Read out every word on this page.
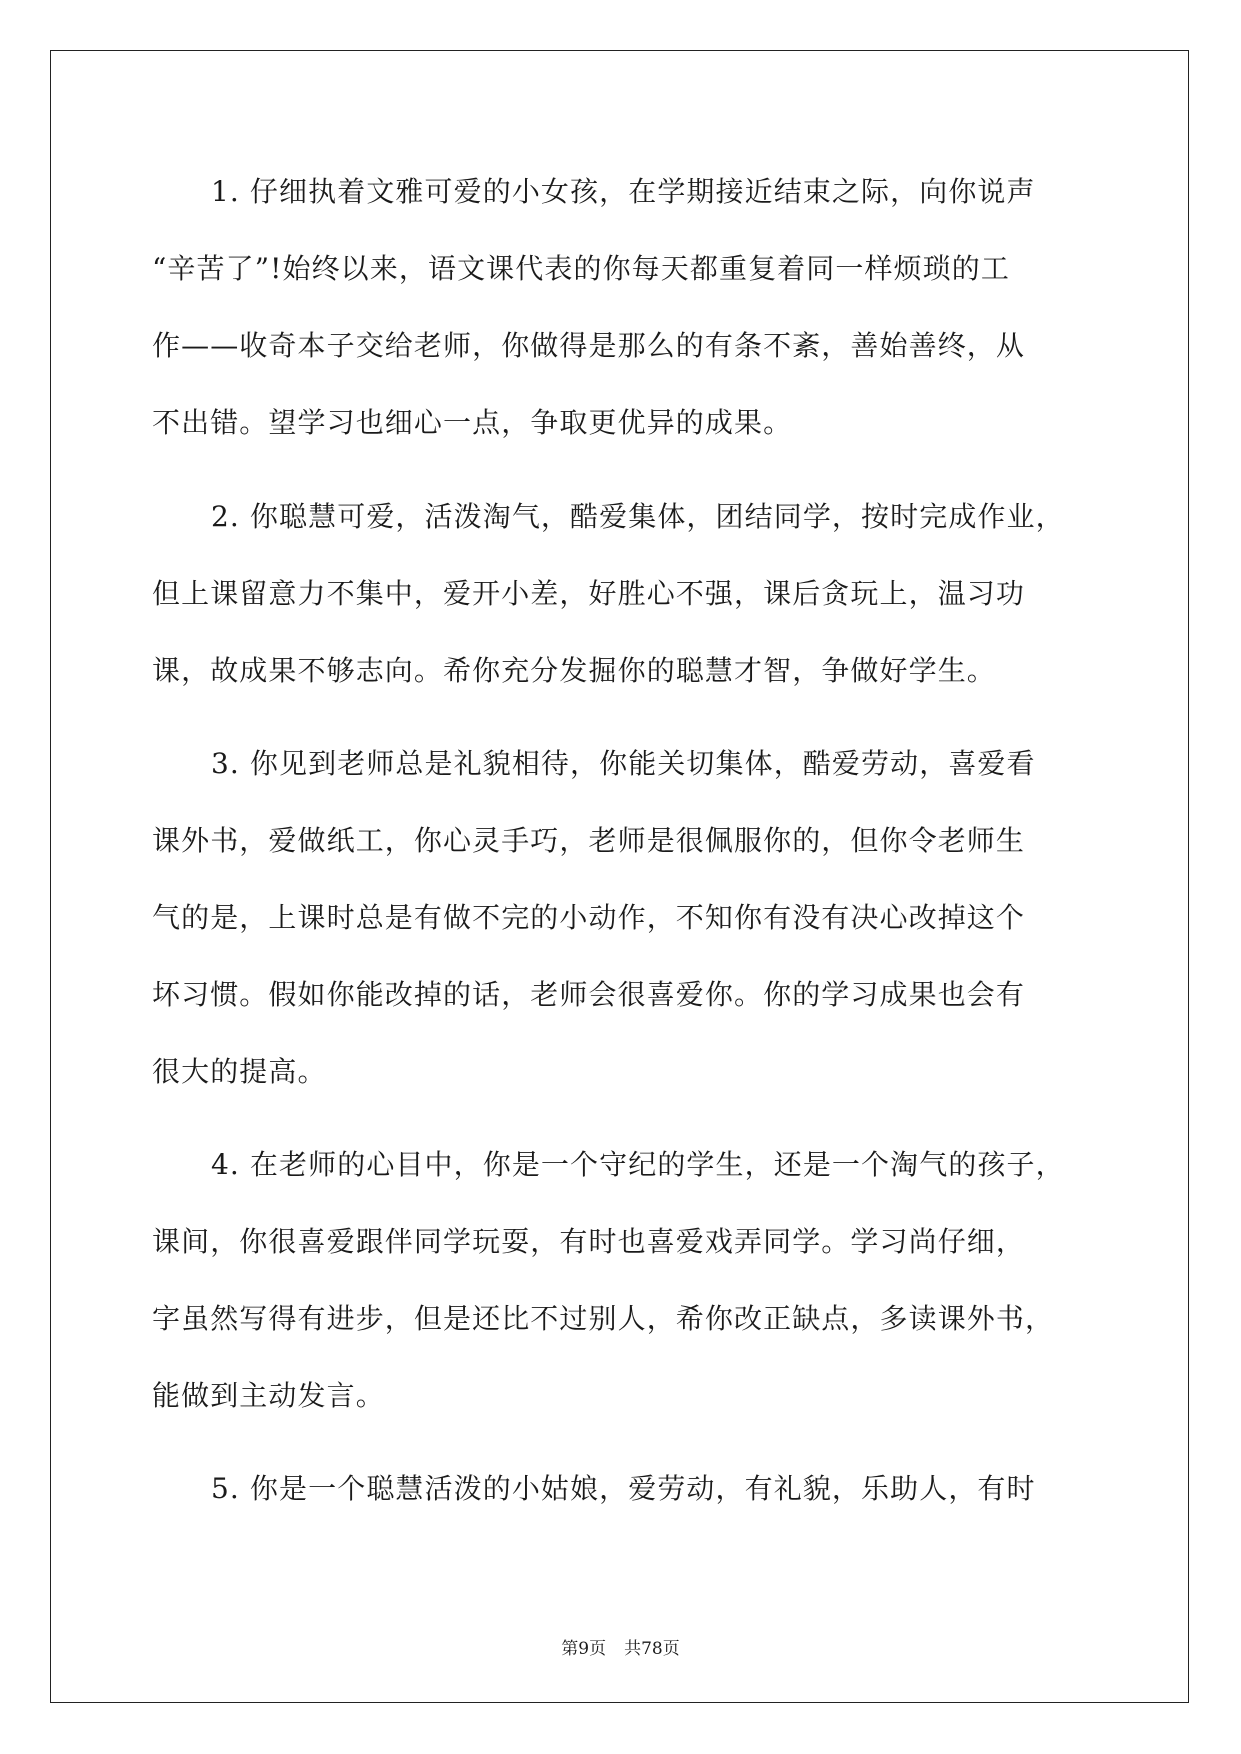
1. 仔细执着文雅可爱的小女孩，在学期接近结束之际，向你说声
“辛苦了”!始终以来，语文课代表的你每天都重复着同一样烦琐的工
作——收奇本子交给老师，你做得是那么的有条不紊，善始善终，从
不出错。望学习也细心一点，争取更优异的成果。
2. 你聪慧可爱，活泼淘气，酷爱集体，团结同学，按时完成作业，
但上课留意力不集中，爱开小差，好胜心不强，课后贪玩上，温习功
课，故成果不够志向。希你充分发掘你的聪慧才智，争做好学生。
3. 你见到老师总是礼貌相待，你能关切集体，酷爱劳动，喜爱看
课外书，爱做纸工，你心灵手巧，老师是很佩服你的，但你令老师生
气的是，上课时总是有做不完的小动作，不知你有没有决心改掉这个
坏习惯。假如你能改掉的话，老师会很喜爱你。你的学习成果也会有
很大的提高。
4. 在老师的心目中，你是一个守纪的学生，还是一个淘气的孩子，
课间，你很喜爱跟伴同学玩耍，有时也喜爱戏弄同学。学习尚仔细，
字虽然写得有进步，但是还比不过别人，希你改正缺点，多读课外书，
能做到主动发言。
5. 你是一个聪慧活泼的小姑娘，爱劳动，有礼貌，乐助人，有时
第9页 共78页
